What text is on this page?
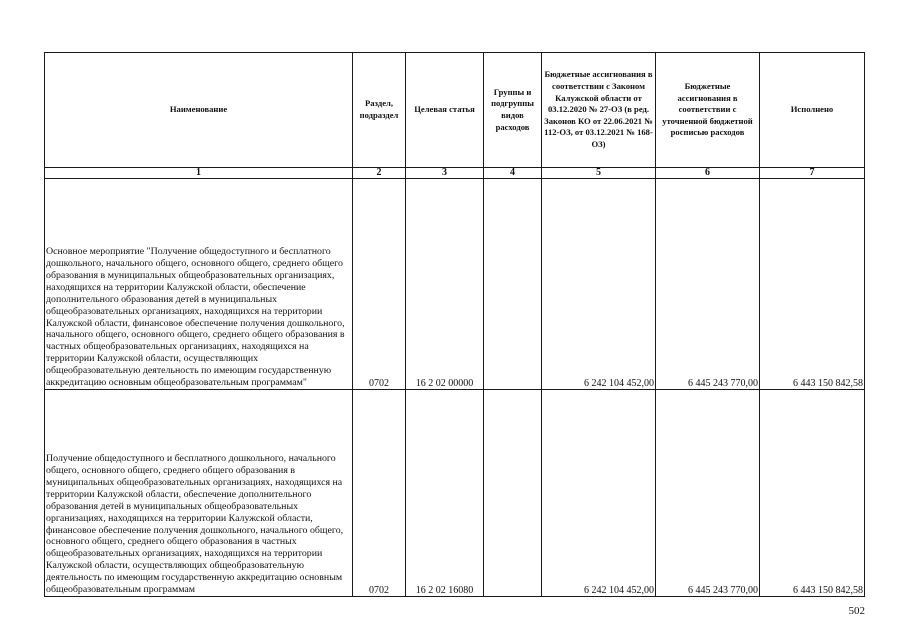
Наименование	Раздел, подраздел	Целевая статья	Группы и подгруппы видов расходов	Бюджетные ассигнования в соответствии с Законом Калужской области от 03.12.2020 № 27-ОЗ (в ред. Законов КО от 22.06.2021 № 112-ОЗ, от 03.12.2021 № 168-ОЗ)	Бюджетные ассигнования в соответствии с уточненной бюджетной росписью расходов	Исполнено
1	2	3	4	5	6	7
Основное мероприятие "Получение общедоступного и бесплатного дошкольного, начального общего, основного общего, среднего общего образования в муниципальных общеобразовательных организациях, находящихся на территории Калужской области, обеспечение дополнительного образования детей в муниципальных общеобразовательных организациях, находящихся на территории Калужской области, финансовое обеспечение получения дошкольного, начального общего, основного общего, среднего общего образования в частных общеобразовательных организациях, находящихся на территории Калужской области, осуществляющих общеобразовательную деятельность по имеющим государственную аккредитацию основным общеобразовательным программам"	0702	16 2 02 00000		6 242 104 452,00	6 445 243 770,00	6 443 150 842,58
Получение общедоступного и бесплатного дошкольного, начального общего, основного общего, среднего общего образования в муниципальных общеобразовательных организациях, находящихся на территории Калужской области, обеспечение дополнительного образования детей в муниципальных общеобразовательных организациях, находящихся на территории Калужской области, финансовое обеспечение получения дошкольного, начального общего, основного общего, среднего общего образования в частных общеобразовательных организациях, находящихся на территории Калужской области, осуществляющих общеобразовательную деятельность по имеющим государственную аккредитацию основным общеобразовательным программам	0702	16 2 02 16080		6 242 104 452,00	6 445 243 770,00	6 443 150 842,58
502
